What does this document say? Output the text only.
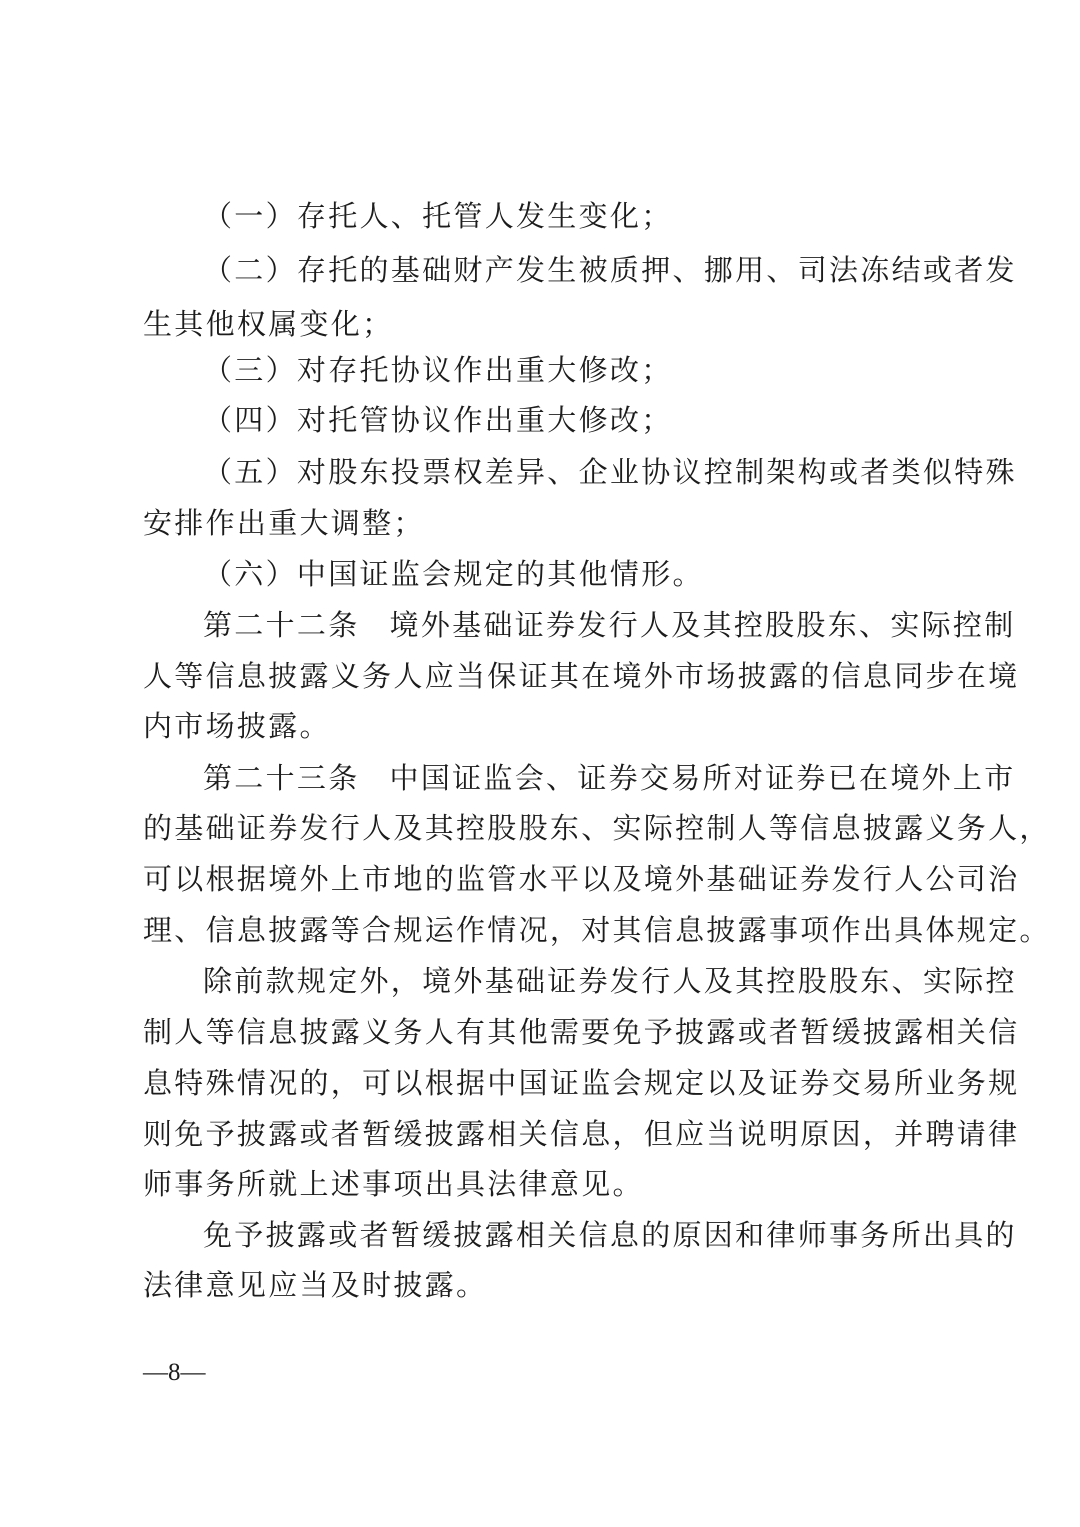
（一）存托人、托管人发生变化；
（二）存托的基础财产发生被质押、挪用、司法冻结或者发
生其他权属变化；
（三）对存托协议作出重大修改；
（四）对托管协议作出重大修改；
（五）对股东投票权差异、企业协议控制架构或者类似特殊
安排作出重大调整；
（六）中国证监会规定的其他情形。
第二十二条 境外基础证券发行人及其控股股东、实际控制
人等信息披露义务人应当保证其在境外市场披露的信息同步在境
内市场披露。
第二十三条 中国证监会、证券交易所对证券已在境外上市
的基础证券发行人及其控股股东、实际控制人等信息披露义务人，
可以根据境外上市地的监管水平以及境外基础证券发行人公司治
理、信息披露等合规运作情况，对其信息披露事项作出具体规定。
除前款规定外，境外基础证券发行人及其控股股东、实际控
制人等信息披露义务人有其他需要免予披露或者暂缓披露相关信
息特殊情况的，可以根据中国证监会规定以及证券交易所业务规
则免予披露或者暂缓披露相关信息，但应当说明原因，并聘请律
师事务所就上述事项出具法律意见。
免予披露或者暂缓披露相关信息的原因和律师事务所出具的
法律意见应当及时披露。
—8—
